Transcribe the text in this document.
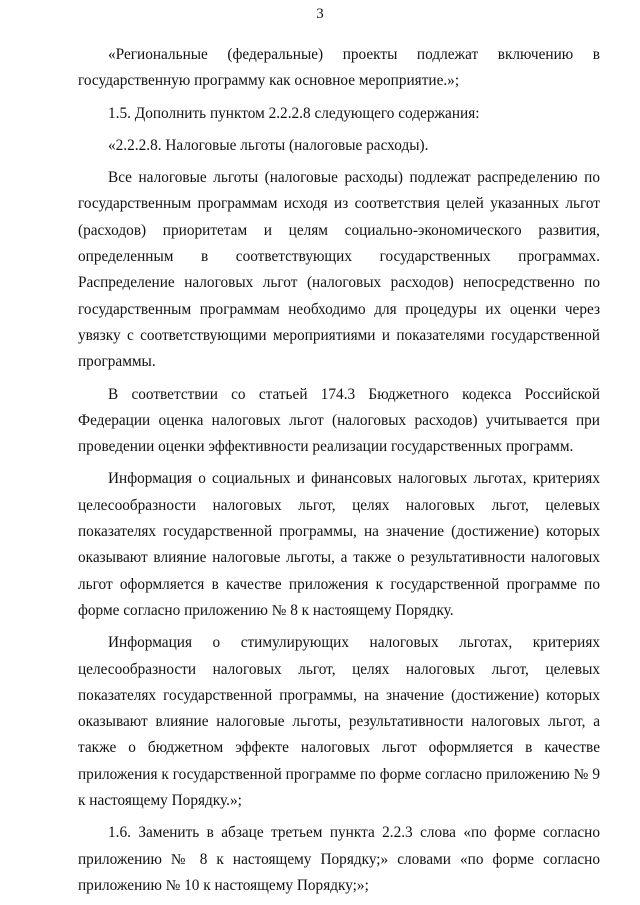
3

«Региональные (федеральные) проекты подлежат включению в государственную программу как основное мероприятие.»;

1.5. Дополнить пунктом 2.2.2.8 следующего содержания:

«2.2.2.8. Налоговые льготы (налоговые расходы).

Все налоговые льготы (налоговые расходы) подлежат распределению по государственным программам исходя из соответствия целей указанных льгот (расходов) приоритетам и целям социально-экономического развития, определенным в соответствующих государственных программах. Распределение налоговых льгот (налоговых расходов) непосредственно по государственным программам необходимо для процедуры их оценки через увязку с соответствующими мероприятиями и показателями государственной программы.

В соответствии со статьей 174.3 Бюджетного кодекса Российской Федерации оценка налоговых льгот (налоговых расходов) учитывается при проведении оценки эффективности реализации государственных программ.

Информация о социальных и финансовых налоговых льготах, критериях целесообразности налоговых льгот, целях налоговых льгот, целевых показателях государственной программы, на значение (достижение) которых оказывают влияние налоговые льготы, а также о результативности налоговых льгот оформляется в качестве приложения к государственной программе по форме согласно приложению № 8 к настоящему Порядку.

Информация о стимулирующих налоговых льготах, критериях целесообразности налоговых льгот, целях налоговых льгот, целевых показателях государственной программы, на значение (достижение) которых оказывают влияние налоговые льготы, результативности налоговых льгот, а также о бюджетном эффекте налоговых льгот оформляется в качестве приложения к государственной программе по форме согласно приложению № 9 к настоящему Порядку.»;

1.6. Заменить в абзаце третьем пункта 2.2.3 слова «по форме согласно приложению № 8 к настоящему Порядку;» словами «по форме согласно приложению № 10 к настоящему Порядку;»;
